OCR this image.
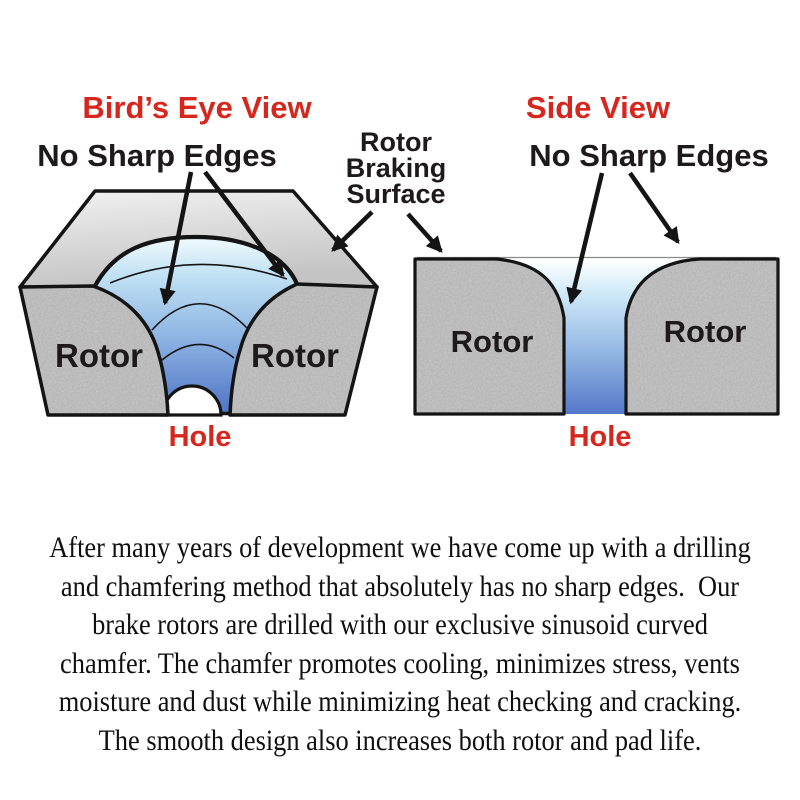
Bird’s Eye View
No Sharp Edges	Rotor
Braking
Surface
Side View
No Sharp Edges
Rotor	Rotor	Rotor	Rotor
Hole	Hole
After many years of development we have come up with a drilling
and chamfering method that absolutely has no sharp edges.  Our
brake rotors are drilled with our exclusive sinusoid curved
chamfer. The chamfer promotes cooling, minimizes stress, vents
moisture and dust while minimizing heat checking and cracking.
The smooth design also increases both rotor and pad life.
